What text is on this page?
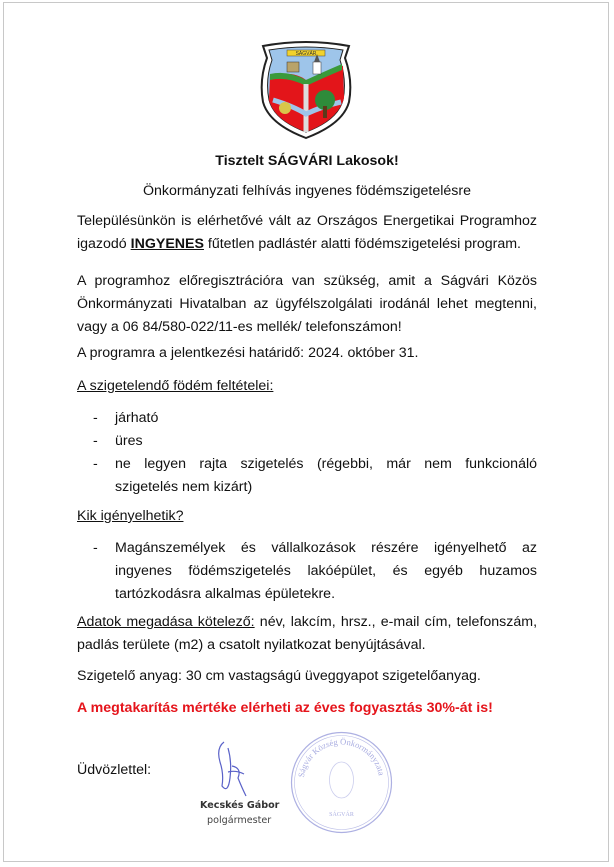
SÁGVÁR
Tisztelt SÁGVÁRI Lakosok!
Önkormányzati felhívás ingyenes födémszigetelésre
Településünkön is elérhetővé vált az Országos Energetikai Programhoz igazodó INGYENES fűtetlen padlástér alatti födémszigetelési program.
A programhoz előregisztrációra van szükség, amit a Ságvári Közös Önkormányzati Hivatalban az ügyfélszolgálati irodánál lehet megtenni, vagy a 06 84/580-022/11-es mellék/ telefonszámon!
A programra a jelentkezési határidő: 2024. október 31.
A szigetelendő födém feltételei:
- járható
- üres
- ne legyen rajta szigetelés (régebbi, már nem funkcionáló szigetelés nem kizárt)
Kik igényelhetik?
- Magánszemélyek és vállalkozások részére igényelhető az ingyenes födémszigetelés lakóépület, és egyéb huzamos tartózkodásra alkalmas épületekre.
Adatok megadása kötelező: név, lakcím, hrsz., e-mail cím, telefonszám, padlás területe (m2) a csatolt nyilatkozat benyújtásával.
Szigetelő anyag: 30 cm vastagságú üveggyapot szigetelőanyag.
A megtakarítás mértéke elérheti az éves fogyasztás 30%-át is!
Üdvözlettel:
Kecskés Gábor
polgármester
Ságvár Község Önkormányzata
SÁGVÁR
